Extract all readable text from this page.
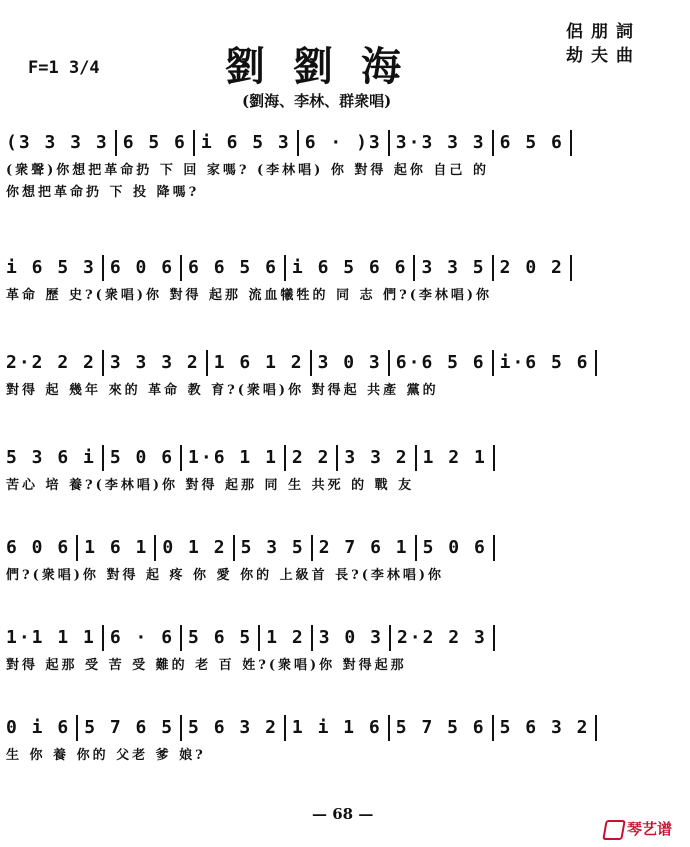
F=1 3/4	劉劉海
侶朋詞
劫夫曲
(劉海、李林、群衆唱)
(3 3 3 3 6 5 6 i 6 5 3 6 · )3 3·3 3 3 6 5 6
(衆聲)你想把革命扔 下 回 家嗎? (李林唱) 你 對得 起你 自己 的
你想把革命扔 下 投 降嗎?
i 6 5 3 6 0 6 6 6 5 6 i 6 5 6 6 3 3 5 2 0 2
革命 歷 史?(衆唱)你 對得 起那 流血犧牲的 同 志 們?(李林唱)你
2·2 2 2 3 3 3 2 1 6 1 2 3 0 3 6·6 5 6 i·6 5 6
對得 起 幾年 來的 革命 教 育?(衆唱)你 對得起 共產 黨的
5 3 6 i 5 0 6 1·6 1 1 2 2 3 3 2 1 2 1
苦心 培 養?(李林唱)你 對得 起那 同 生 共死 的 戰 友
6 0 6 1 6 1 0 1 2 5 3 5 2 7 6 1 5 0 6
們?(衆唱)你 對得 起 疼 你 愛 你的 上級首 長?(李林唱)你
1·1 1 1 6 · 6 5 6 5 1 2 3 0 3 2·2 2 3
對得 起那 受 苦 受 難的 老 百 姓?(衆唱)你 對得起那
0 i 6 5 7 6 5 5 6 3 2 1 i 1 6 5 7 5 6 5 6 3 2
生 你 養 你的 父老 爹 娘?
— 68 —
琴艺谱
